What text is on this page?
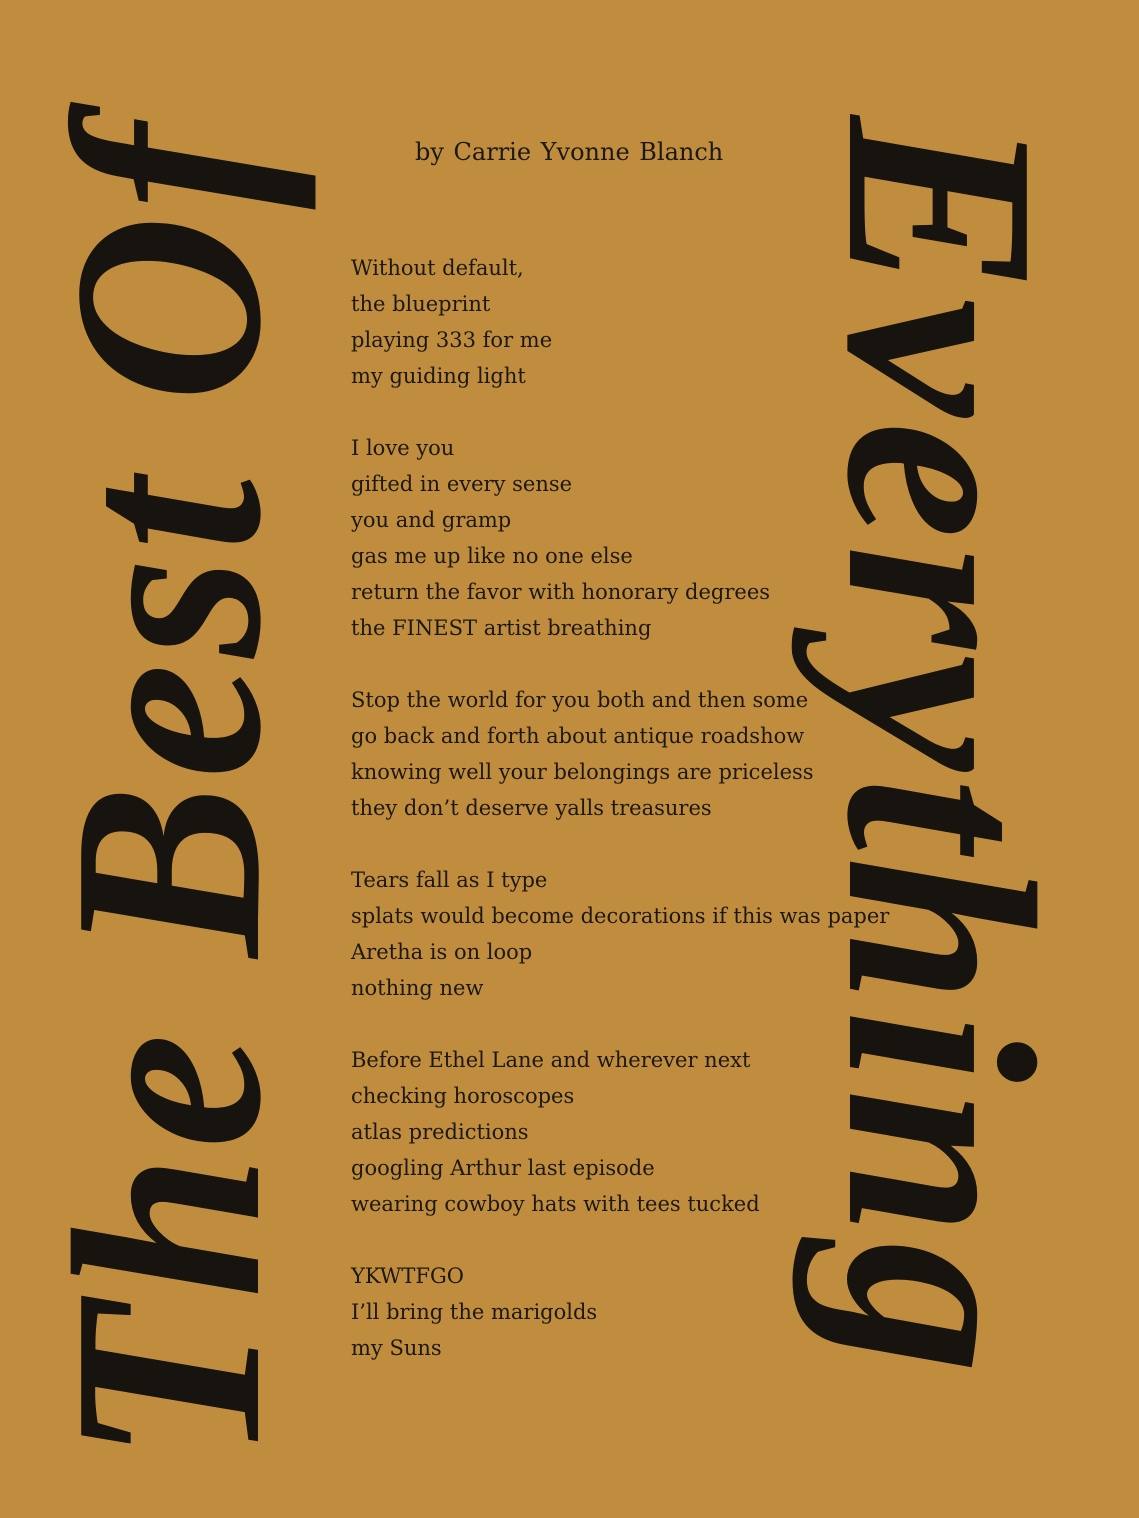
The Best Of Everything
by Carrie Yvonne Blanch
Without default,
the blueprint
playing 333 for me
my guiding light
I love you
gifted in every sense
you and gramp
gas me up like no one else
return the favor with honorary degrees
the FINEST artist breathing
Stop the world for you both and then some
go back and forth about antique roadshow
knowing well your belongings are priceless
they don’t deserve yalls treasures
Tears fall as I type
splats would become decorations if this was paper
Aretha is on loop
nothing new
Before Ethel Lane and wherever next
checking horoscopes
atlas predictions
googling Arthur last episode
wearing cowboy hats with tees tucked
YKWTFGO
I’ll bring the marigolds
my Suns
